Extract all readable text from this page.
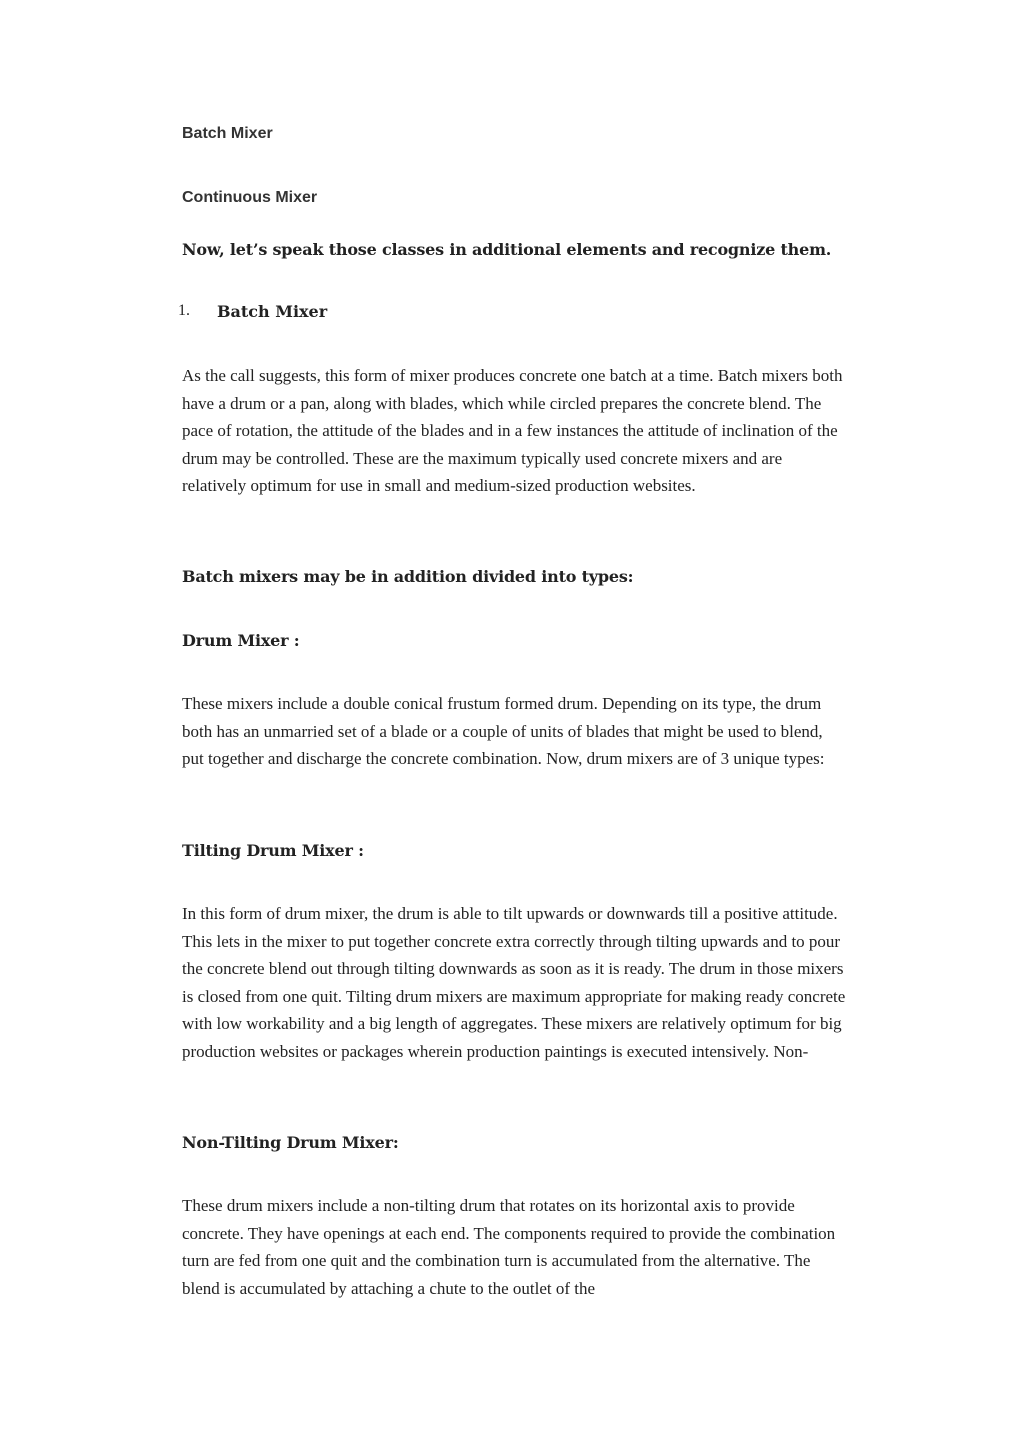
Batch Mixer
Continuous Mixer
Now, let’s speak those classes in additional elements and recognize them.
1. Batch Mixer

As the call suggests, this form of mixer produces concrete one batch at a time. Batch mixers both have a drum or a pan, along with blades, which while circled prepares the concrete blend. The pace of rotation, the attitude of the blades and in a few instances the attitude of inclination of the drum may be controlled. These are the maximum typically used concrete mixers and are relatively optimum for use in small and medium-sized production websites.

Batch mixers may be in addition divided into types:
Drum Mixer :

These mixers include a double conical frustum formed drum. Depending on its type, the drum both has an unmarried set of a blade or a couple of units of blades that might be used to blend, put together and discharge the concrete combination. Now, drum mixers are of 3 unique types:

Tilting Drum Mixer :

In this form of drum mixer, the drum is able to tilt upwards or downwards till a positive attitude. This lets in the mixer to put together concrete extra correctly through tilting upwards and to pour the concrete blend out through tilting downwards as soon as it is ready. The drum in those mixers is closed from one quit. Tilting drum mixers are maximum appropriate for making ready concrete with low workability and a big length of aggregates. These mixers are relatively optimum for big production websites or packages wherein production paintings is executed intensively. Non-

Non-Tilting Drum Mixer:

These drum mixers include a non-tilting drum that rotates on its horizontal axis to provide concrete. They have openings at each end. The components required to provide the combination turn are fed from one quit and the combination turn is accumulated from the alternative. The blend is accumulated by attaching a chute to the outlet of the
